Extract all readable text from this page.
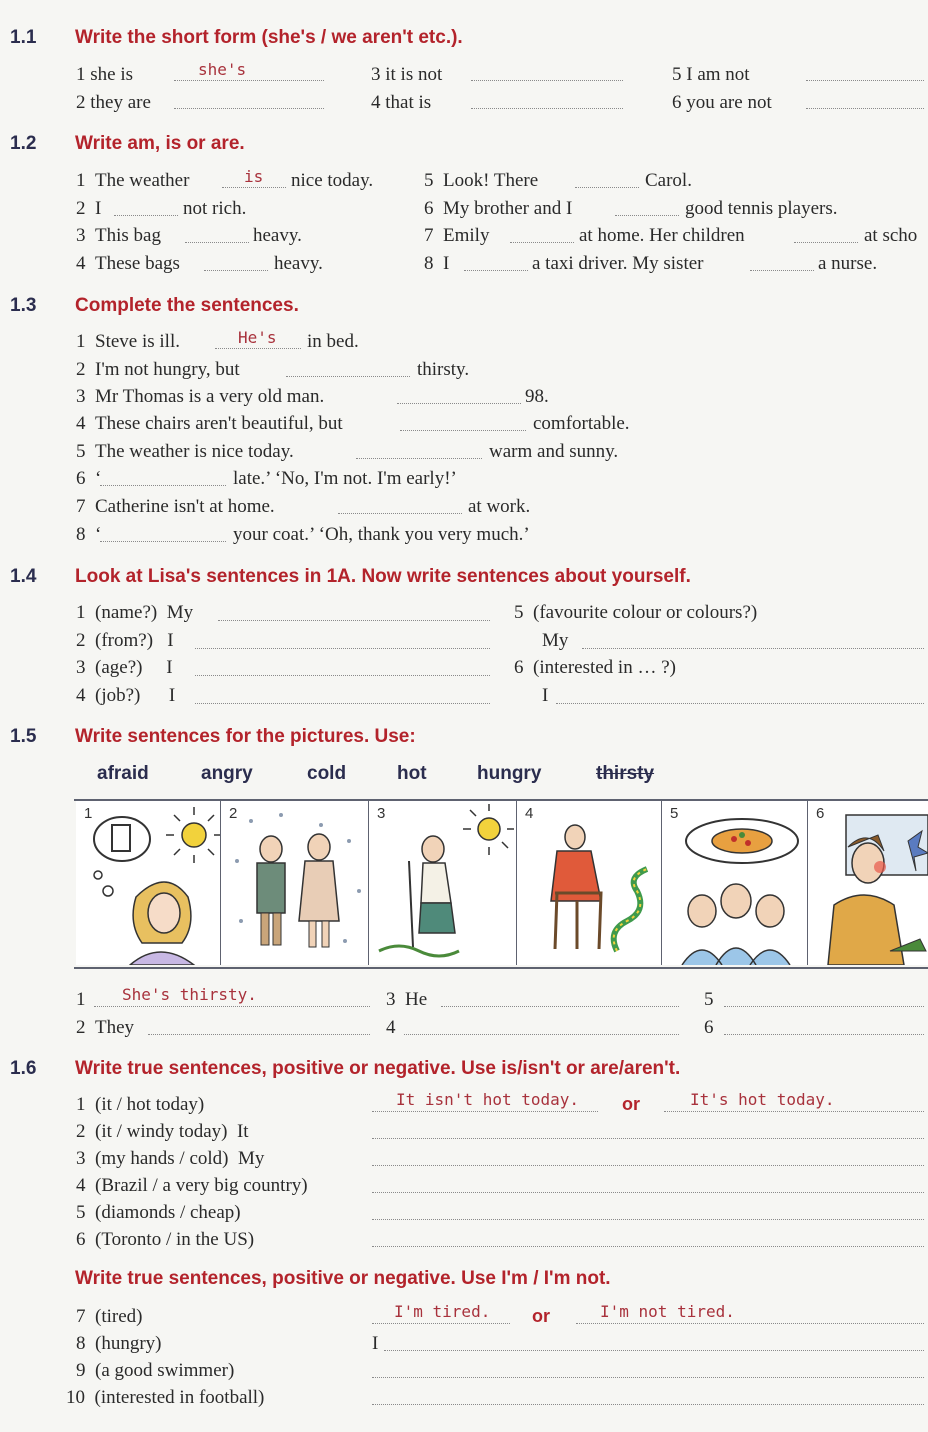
1.1 Write the short form (she's / we aren't etc.).
1 she is	she's
2 they are
3 it is not
4 that is
5 I am not
6 you are not
1.2 Write am, is or are.
1 The weather	is nice today.
2 I	not rich.
3 This bag	heavy.
4 These bags	heavy.
5 Look! There	Carol.
6 My brother and I	good tennis players.
7 Emily	at home. Her children	at scho
8 I	a taxi driver. My sister	a nurse.
1.3 Complete the sentences.
1 Steve is ill.	He's in bed.
2 I'm not hungry, but	thirsty.
3 Mr Thomas is a very old man.	98.
4 These chairs aren't beautiful, but	comfortable.
5 The weather is nice today.	warm and sunny.
6 ‘	late.’ ‘No, I'm not. I'm early!’
7 Catherine isn't at home.	at work.
8 ‘	your coat.’ ‘Oh, thank you very much.’
1.4 Look at Lisa's sentences in 1A. Now write sentences about yourself.
1 (name?) My
2 (from?) I
3 (age?) I
4 (job?) I
5 (favourite colour or colours?)
My
6 (interested in … ?)
I
1.5 Write sentences for the pictures. Use:
afraid	angry	cold	hot	hungry	thirsty
1	2	3	4	5	6
1 She's thirsty.
2 They
3 He
4
5
6
1.6 Write true sentences, positive or negative. Use is/isn't or are/aren't.
1 (it / hot today)	It isn't hot today. or	It's hot today.
2 (it / windy today) It
3 (my hands / cold) My
4 (Brazil / a very big country)
5 (diamonds / cheap)
6 (Toronto / in the US)
Write true sentences, positive or negative. Use I'm / I'm not.
7 (tired)	I'm tired. or	I'm not tired.
8 (hungry)	I
9 (a good swimmer)
10 (interested in football)
